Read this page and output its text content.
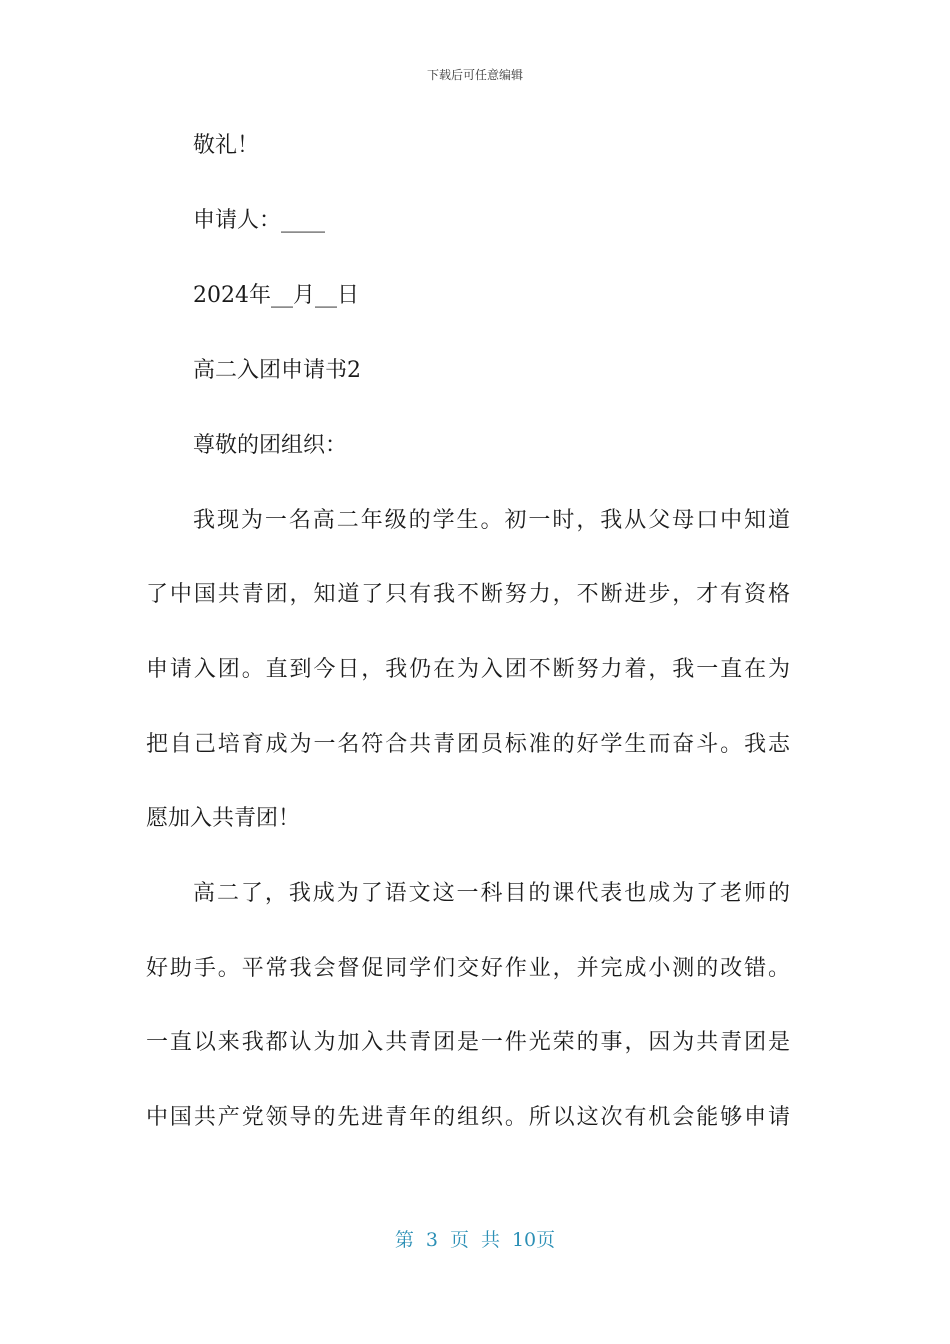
下载后可任意编辑
敬礼！
申请人：____
2024年__月__日
高二入团申请书2
尊敬的团组织：
我现为一名高二年级的学生。初一时，我从父母口中知道
了中国共青团，知道了只有我不断努力，不断进步，才有资格
申请入团。直到今日，我仍在为入团不断努力着，我一直在为
把自己培育成为一名符合共青团员标准的好学生而奋斗。我志
愿加入共青团！
高二了，我成为了语文这一科目的课代表也成为了老师的
好助手。平常我会督促同学们交好作业，并完成小测的改错。
一直以来我都认为加入共青团是一件光荣的事，因为共青团是
中国共产党领导的先进青年的组织。所以这次有机会能够申请
第 3 页 共 10页
